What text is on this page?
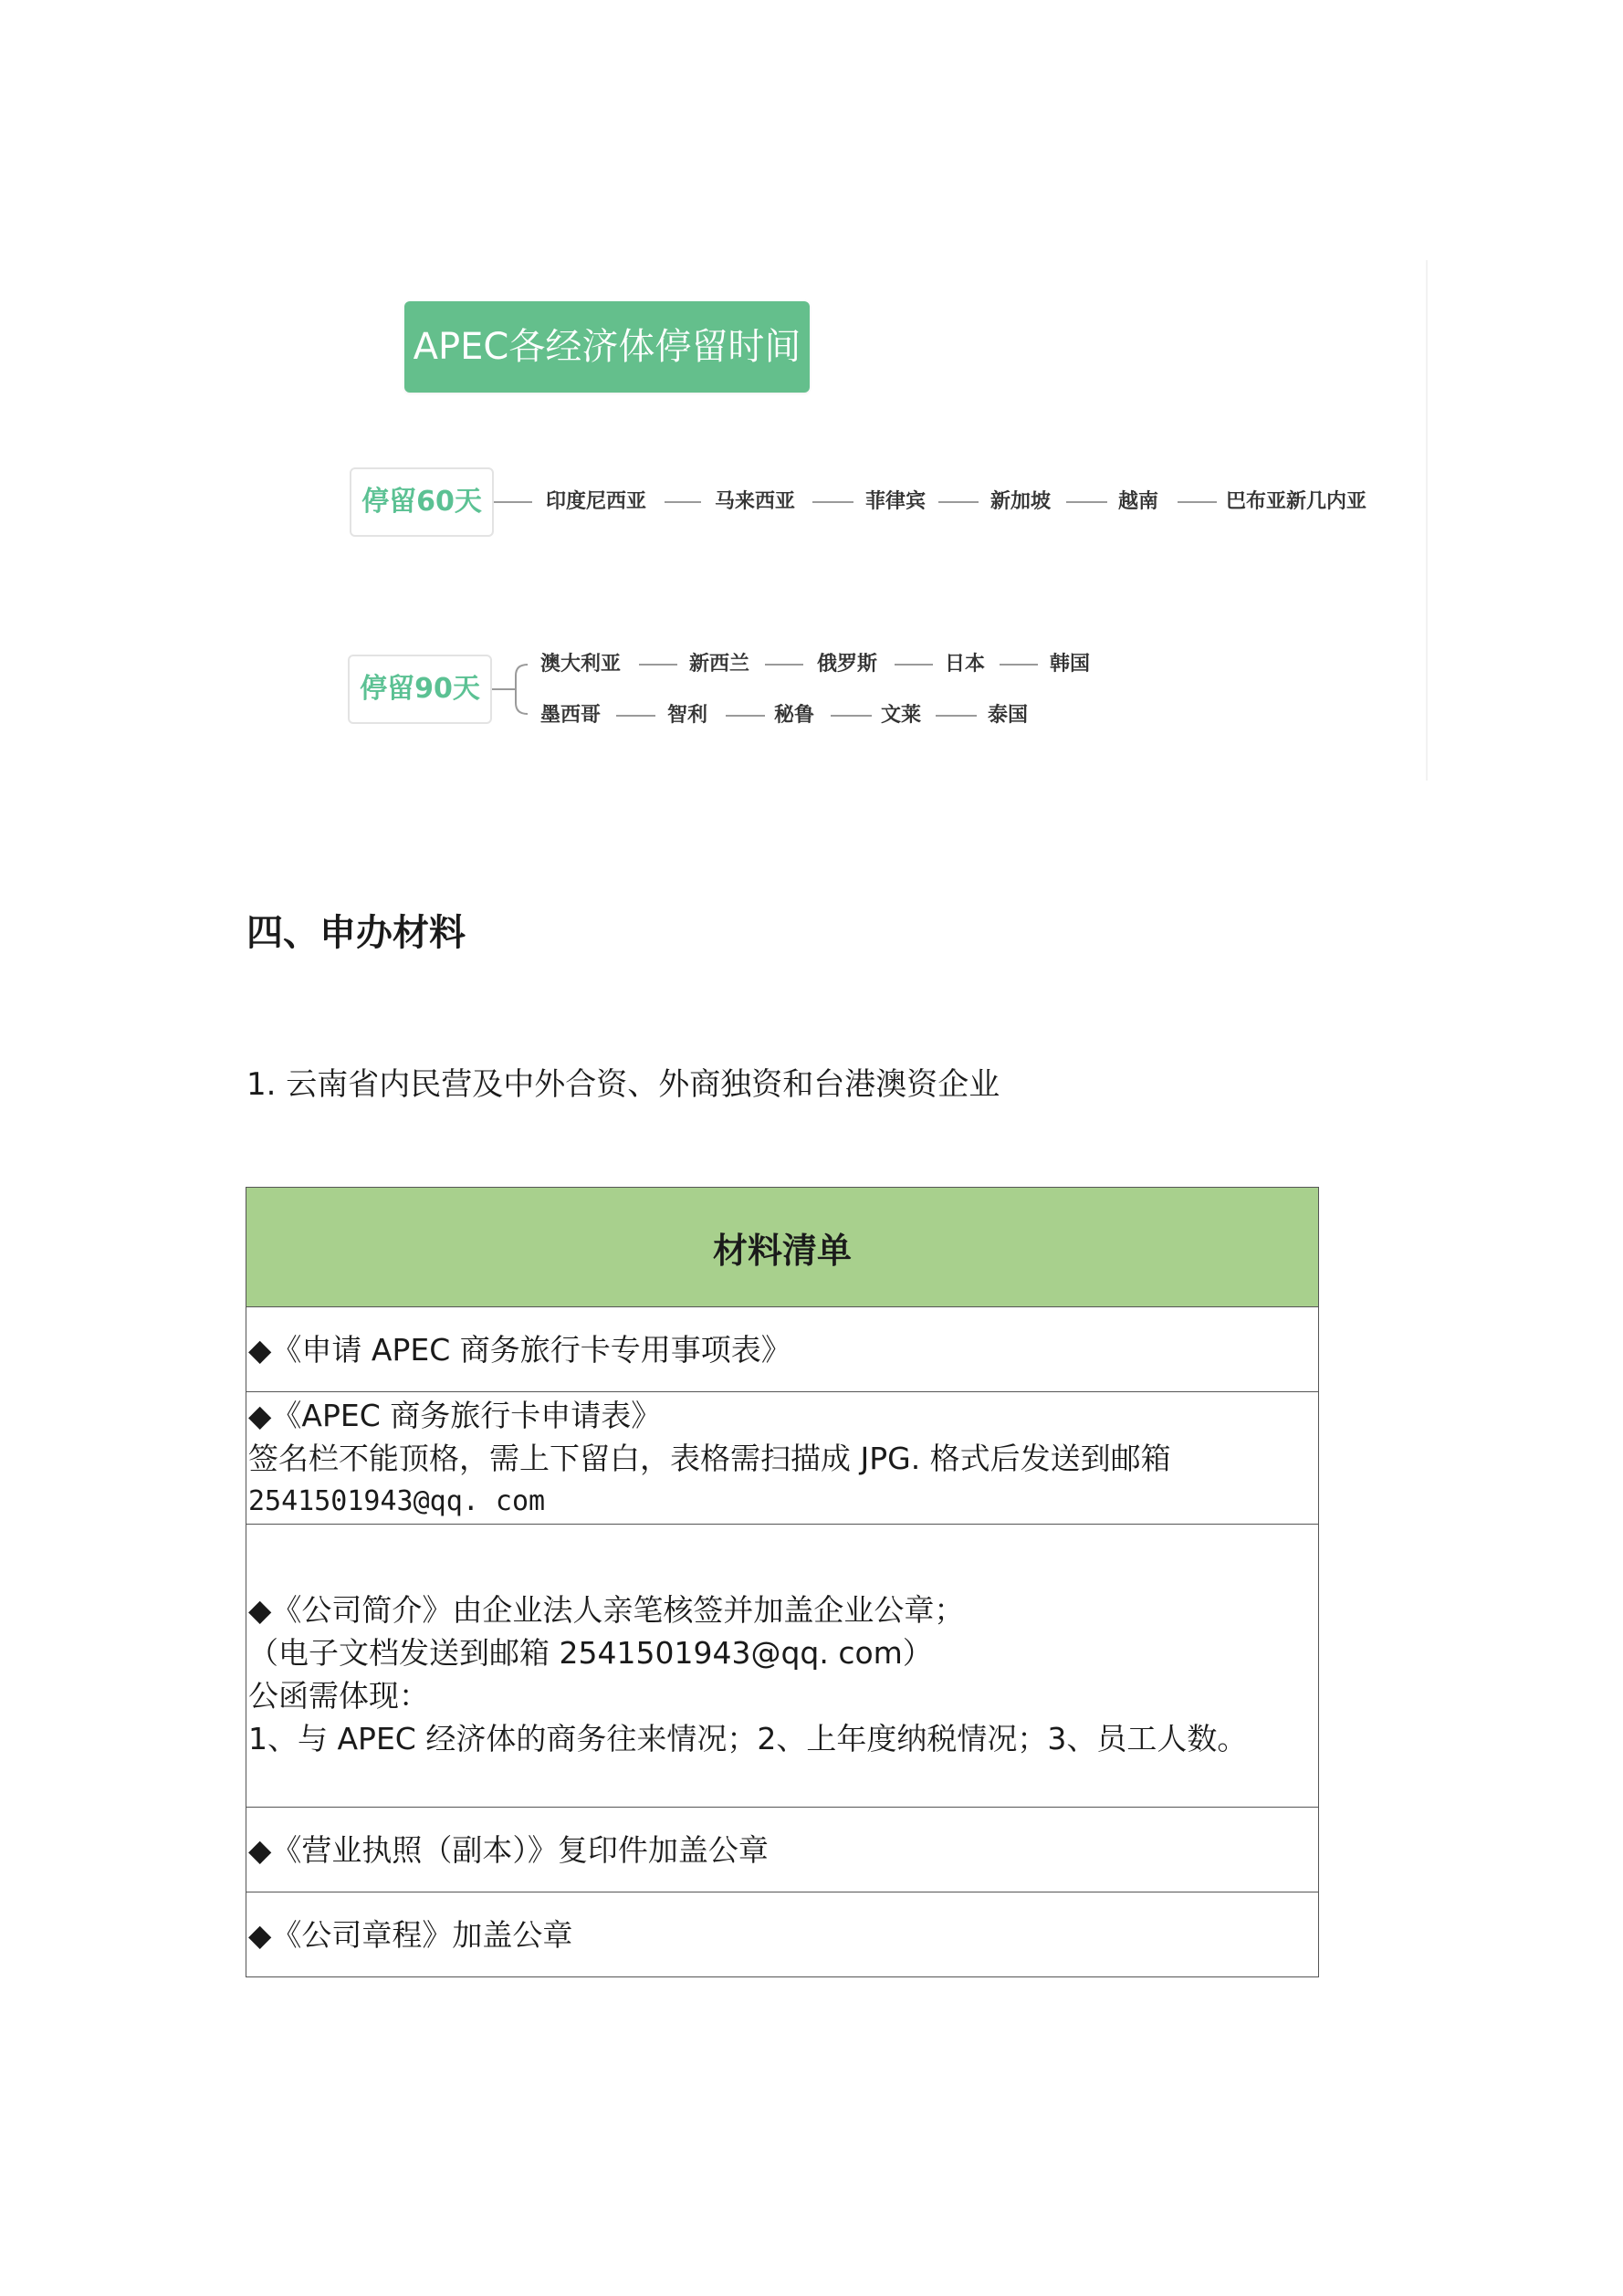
APEC各经济体停留时间
停留60天
停留90天
印度尼西亚	马来西亚	菲律宾	新加坡	越南	巴布亚新几内亚
澳大利亚	新西兰	俄罗斯	日本	韩国
墨西哥	智利	秘鲁	文莱	泰国
四、申办材料
1. 云南省内民营及中外合资、外商独资和台港澳资企业
材料清单
◆《申请 APEC 商务旅行卡专用事项表》
◆《APEC 商务旅行卡申请表》
签名栏不能顶格，需上下留白，表格需扫描成 JPG. 格式后发送到邮箱
2541501943@qq. com
◆《公司简介》由企业法人亲笔核签并加盖企业公章；
（电子文档发送到邮箱 2541501943@qq. com）
公函需体现：
1、与 APEC 经济体的商务往来情况；2、上年度纳税情况；3、员工人数。
◆《营业执照（副本）》复印件加盖公章
◆《公司章程》加盖公章
